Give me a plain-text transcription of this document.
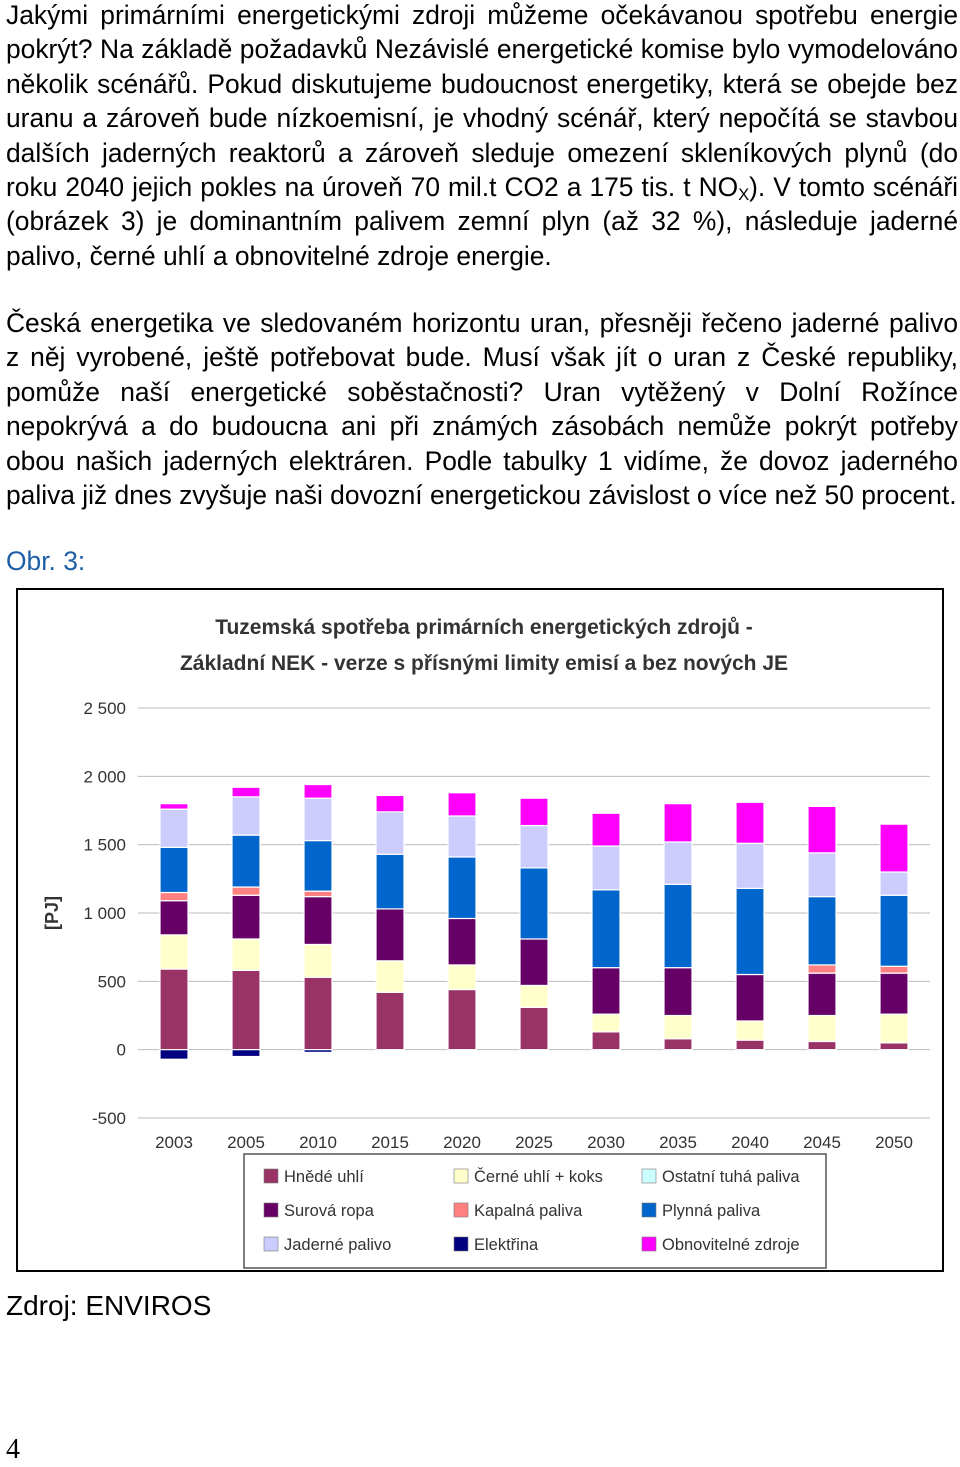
Jakými primárními energetickými zdroji můžeme očekávanou spotřebu energie pokrýt? Na základě požadavků Nezávislé energetické komise bylo vymodelováno několik scénářů. Pokud diskutujeme budoucnost energetiky, která se obejde bez uranu a zároveň bude nízkoemisní, je vhodný scénář, který nepočítá se stavbou dalších jaderných reaktorů a zároveň sleduje omezení skleníkových plynů (do roku 2040 jejich pokles na úroveň 70 mil.t CO2 a 175 tis. t $NO_X$). V tomto scénáři (obrázek 3) je dominantním palivem zemní plyn (až 32 %), následuje jaderné palivo, černé uhlí a obnovitelné zdroje energie.

Česká energetika ve sledovaném horizontu uran, přesněji řečeno jaderné palivo z něj vyrobené, ještě potřebovat bude. Musí však jít o uran z České republiky, pomůže naší energetické soběstačnosti? Uran vytěžený v Dolní Rožínce nepokrývá a do budoucna ani při známých zásobách nemůže pokrýt potřeby obou našich jaderných elektráren. Podle tabulky 1 vidíme, že dovoz jaderného paliva již dnes zvyšuje naši dovozní energetickou závislost o více než 50 procent.

Obr. 3:
Tuzemská spotřeba primárních energetických zdrojů -
Základní NEK - verze s přísnými limity emisí a bez nových JE
-500
0
500
1 000
1 500
2 000
2 500
[PJ]
2003 2005 2010 2015 2020 2025 2030 2035 2040 2045 2050
Hnědé uhlí	Černé uhlí + koks	Ostatní tuhá paliva
Surová ropa	Kapalná paliva	Plynná paliva
Jaderné palivo	Elektřina	Obnovitelné zdroje
Zdroj: ENVIROS
4
